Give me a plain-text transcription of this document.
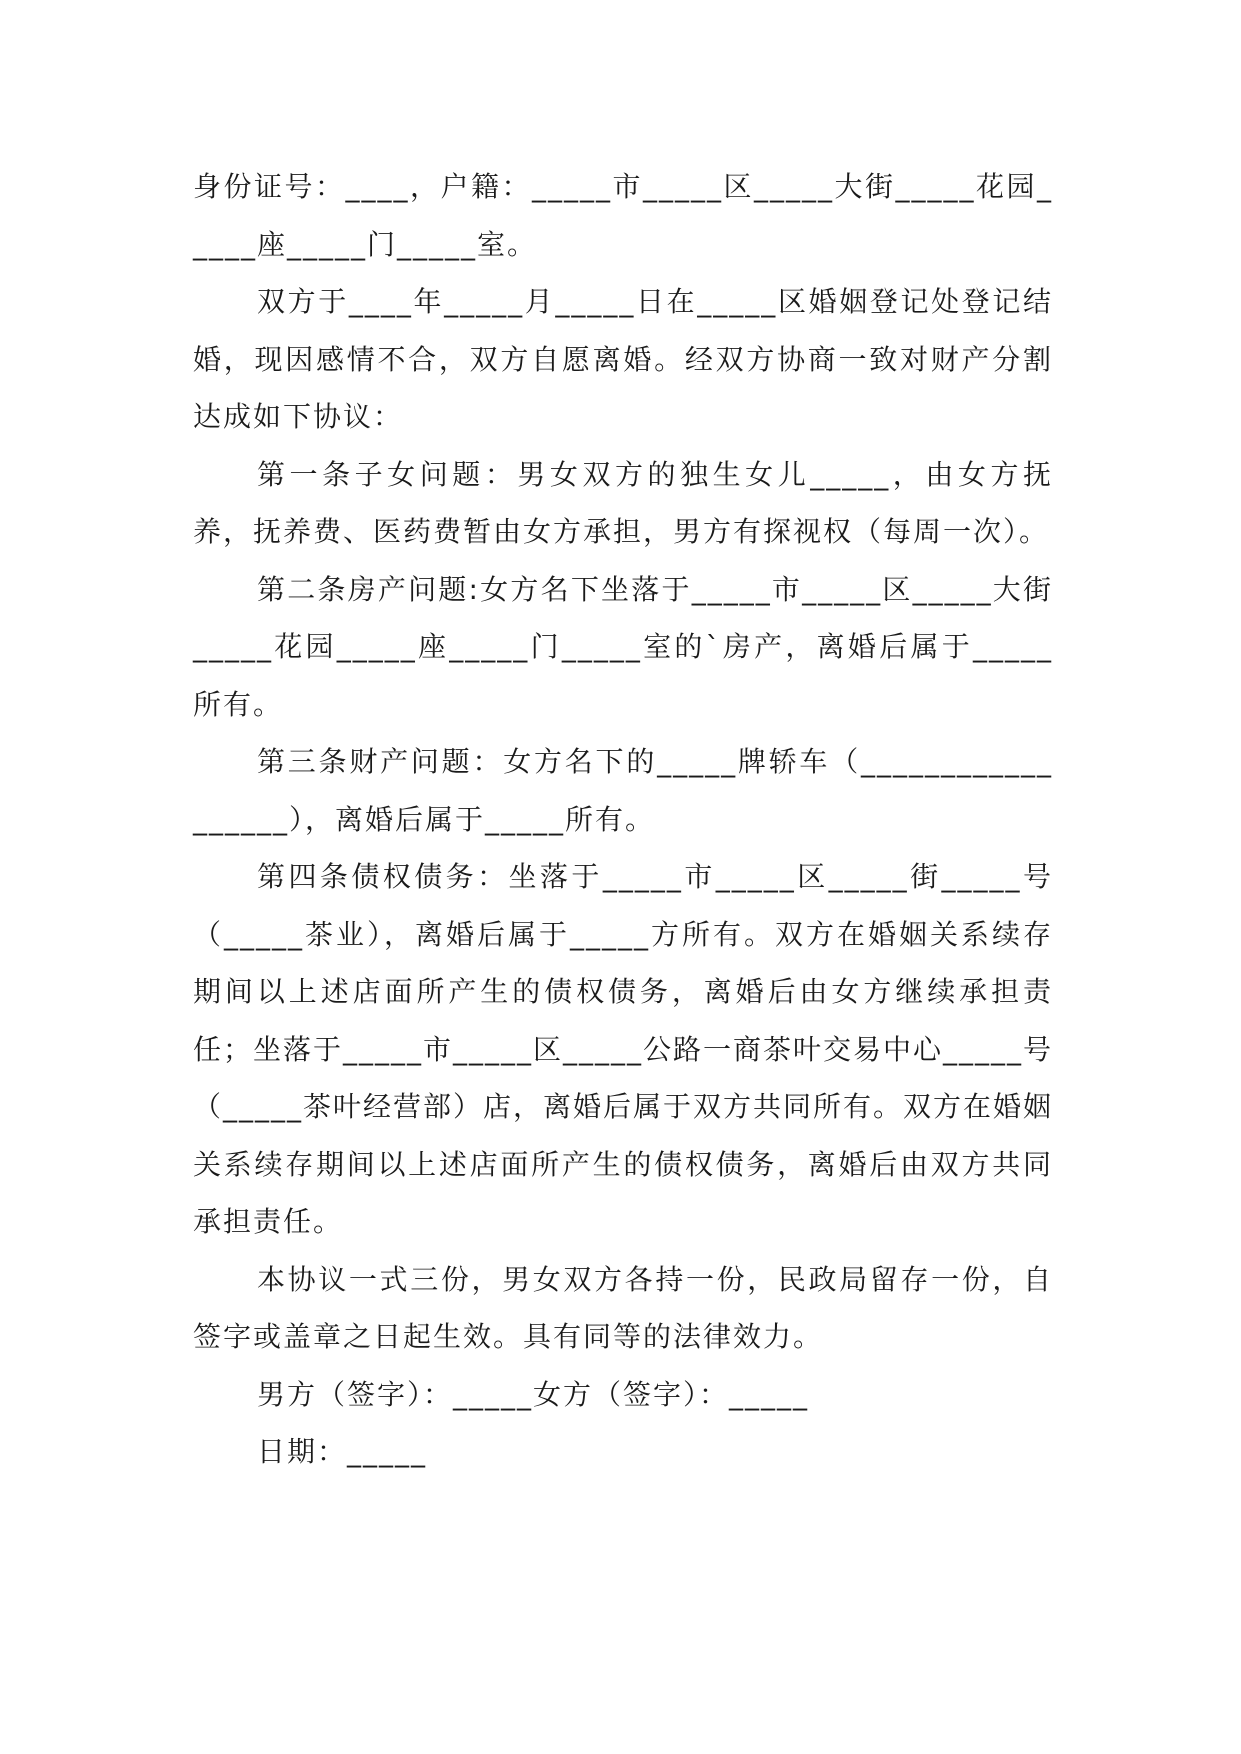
身份证号：____，户籍：_____市_____区_____大街_____花园_____座_____门_____室。

双方于____年_____月_____日在_____区婚姻登记处登记结婚，现因感情不合，双方自愿离婚。经双方协商一致对财产分割达成如下协议：

第一条子女问题：男女双方的独生女儿_____，由女方抚养，抚养费、医药费暂由女方承担，男方有探视权（每周一次）。

第二条房产问题:女方名下坐落于_____市_____区_____大街_____花园_____座_____门_____室的`房产，离婚后属于_____所有。

第三条财产问题：女方名下的_____牌轿车（__________________），离婚后属于_____所有。

第四条债权债务：坐落于_____市_____区_____街_____号（_____茶业），离婚后属于_____方所有。双方在婚姻关系续存期间以上述店面所产生的债权债务，离婚后由女方继续承担责任；坐落于_____市_____区_____公路一商茶叶交易中心_____号（_____茶叶经营部）店，离婚后属于双方共同所有。双方在婚姻关系续存期间以上述店面所产生的债权债务，离婚后由双方共同承担责任。

本协议一式三份，男女双方各持一份，民政局留存一份，自签字或盖章之日起生效。具有同等的法律效力。

男方（签字）：_____女方（签字）：_____

日期：_____
